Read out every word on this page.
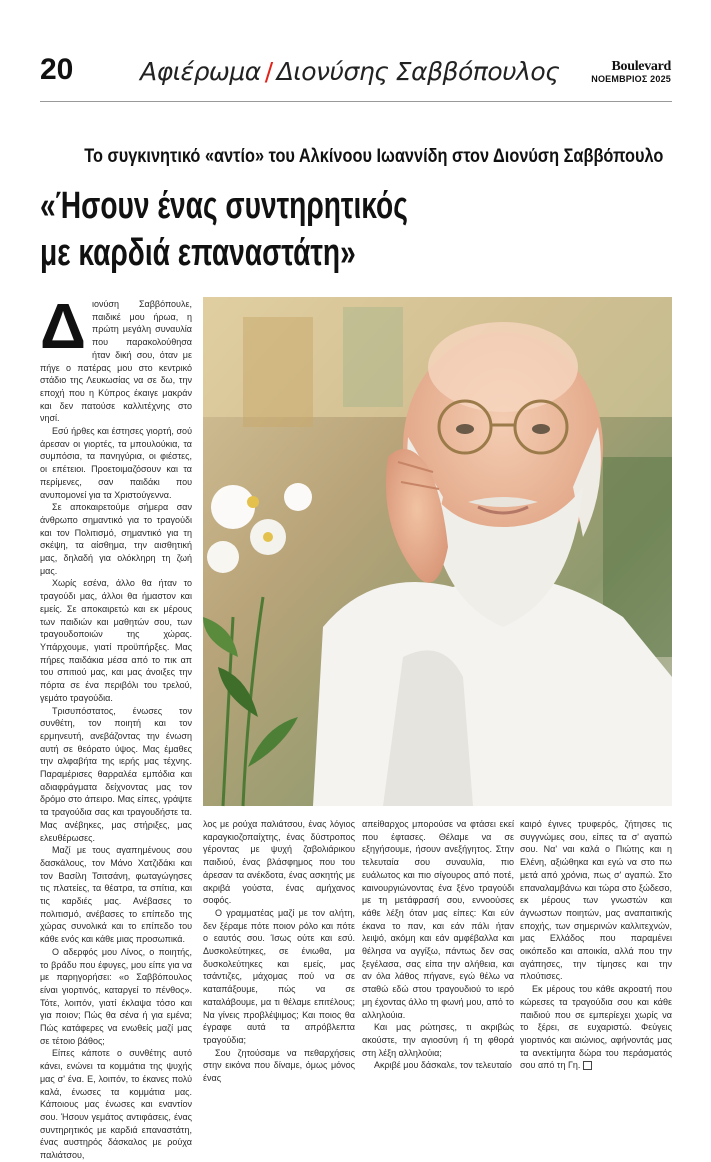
20	Αφιέρωμα / Διονύσης Σαββόπουλος	Boulevard
ΝΟΕΜΒΡΙΟΣ 2025
Το συγκινητικό «αντίο» του Αλκίνοου Ιωαννίδη στον Διονύση Σαββόπουλο
«Ήσουν ένας συντηρητικός
με καρδιά επαναστάτη»

Διονύση Σαββόπουλε, παιδικέ μου ήρωα, η πρώτη μεγάλη συναυλία που παρακολούθησα ήταν δική σου, όταν με πήγε ο πατέρας μου στο κεντρικό στάδιο της Λευκωσίας να σε δω, την εποχή που η Κύπρος έκαιγε μακράν και δεν πατούσε καλλιτέχνης στο νησί.

Εσύ ήρθες και έστησες γιορτή, σού άρεσαν οι γιορτές, τα μπουλούκια, τα συμπόσια, τα πανηγύρια, οι φιέστες, οι επέτειοι. Προετοιμαζόσουν και τα περίμενες, σαν παιδάκι που ανυπομονεί για τα Χριστούγεννα.

Σε αποκαιρετούμε σήμερα σαν άνθρωπο σημαντικό για το τραγούδι και τον Πολιτισμό, σημαντικό για τη σκέψη, τα αίσθημα, την αισθητική μας, δηλαδή για ολόκληρη τη ζωή μας.

Χωρίς εσένα, άλλο θα ήταν το τραγούδι μας, άλλοι θα ήμαστον και εμείς. Σε αποκαιρετώ και εκ μέρους των παιδιών και μαθητών σου, των τραγουδοποιών της χώρας. Υπάρχουμε, γιατί προϋπήρξες. Μας πήρες παιδάκια μέσα από το πικ απ του σπιτιού μας, και μας άνοιξες την πόρτα σε ένα περιβόλι του τρελού, γεμάτο τραγούδια.

Τρισυπόστατος, ένωσες τον συνθέτη, τον ποιητή και τον ερμηνευτή, ανεβάζοντας την ένωση αυτή σε θεόρατο ύψος. Μας έμαθες την αλφαβήτα της ιερής μας τέχνης. Παραμέρισες θαρραλέα εμπόδια και αδιαφράγματα δείχνοντας μας τον δρόμο στο άπειρο. Μας είπες, γράψτε τα τραγούδια σας και τραγουδήστε τα. Μας ανέβηκες, μας στήριξες, μας ελευθέρωσες.

Μαζί με τους αγαπημένους σου δασκάλους, τον Μάνο Χατζιδάκι και τον Βασίλη Τσιτσάνη, φωταγώγησες τις πλατείες, τα θέατρα, τα σπίτια, και τις καρδιές μας. Ανέβασες το πολιτισμό, ανέβασες το επίπεδο της χώρας συνολικά και το επίπεδο του κάθε ενός και κάθε μιας προσωπικά.

Ο αδερφός μου Λίνος, ο ποιητής, το βράδυ που έφυγες, μου είπε για να με παρηγορήσει: «ο Σαββόπουλος είναι γιορτινός, καταργεί το πένθος». Τότε, λοιπόν, γιατί έκλαψα τόσο και για ποιον; Πώς θα σένα ή για εμένα; Πώς κατάφερες να ενωθείς μαζί μας σε τέτοιο βάθος;

Είπες κάποτε ο συνθέτης αυτό κάνει, ενώνει τα κομμάτια της ψυχής μας σ' ένα. Ε, λοιπόν, το έκανες πολύ καλά, ένωσες τα κομμάτια μας. Κάποιους μας ένωσες και εναντίον σου. Ήσουν γεμάτος αντιφάσεις, ένας συντηρητικός με καρδιά επαναστάτη, ένας αυστηρός δάσκαλος με ρούχα παλιάτσου,

λος με ρούχα παλιάτσου, ένας λόγιος καραγκιοζοπαίχτης, ένας δύστροπος γέροντας με ψυχή ζαβολιάρικου παιδιού, ένας βλάσφημος που του άρεσαν τα ανέκδοτα, ένας ασκητής με ακριβά γούστα, ένας αμήχανος σοφός.

Ο γραμματέας μαζί με τον αλήτη, δεν ξέραμε πότε ποιον ρόλο και πότε ο εαυτός σου. Ίσως ούτε και εσύ. Δυσκολεύτηκες, σε ένιωθα, μα δυσκολεύτηκες και εμείς, μας τσάντιζες, μάχομας πού να σε καταπάξουμε, πώς να σε καταλάβουμε, μα τι θέλαμε επιτέλους; Να γίνεις προβλέψιμος; Και ποιος θα έγραφε αυτά τα απρόβλεπτα τραγούδια;

Σου ζητούσαμε να πεθαρχήσεις στην εικόνα που δίναμε, όμως μόνος ένας

απείθαρχος μπορούσε να φτάσει εκεί που έφτασες. Θέλαμε να σε εξηγήσουμε, ήσουν ανεξήγητος. Στην τελευταία σου συναυλία, πιο ευάλωτος και πιο σίγουρος από ποτέ, καινουργιώνοντας ένα ξένο τραγούδι με τη μετάφρασή σου, εννοούσες κάθε λέξη όταν μας είπες: Και εύν έκανα το παν, και εάν πάλι ήταν λειψό, ακόμη και εάν αμφέβαλλα και θέλησα να αγγίξω, πάντως δεν σας ξεγέλασα, σας είπα την αλήθεια, και αν όλα λάθος πήγανε, εγώ θέλω να σταθώ εδώ στου τραγουδιού το ιερό μη έχοντας άλλο τη φωνή μου, από το αλληλούια.

Και μας ρώτησες, τι ακριβώς ακούστε, την αγιοσύνη ή τη φθορά στη λέξη αλληλούια;

Ακριβέ μου δάσκαλε, τον τελευταίο

καιρό έγινες τρυφερός, ζήτησες τις συγγνώμες σου, είπες τα σ' αγαπώ σου. Να' ναι καλά ο Πιώτης και η Ελένη, αξιώθηκα και εγώ να στο πω μετά από χρόνια, πως σ' αγαπώ. Στο επαναλαμβάνω και τώρα στο ξώδεσο, εκ μέρους των γνωστών και άγνωστων ποιητών, μας αναπαιτικής εποχής, των σημερινών καλλιτεχνών, μας Ελλάδος που παραμένει οικόπεδο και αποικία, αλλά που την αγάπησες, την τίμησες και την πλούτισες.

Εκ μέρους του κάθε ακροατή που κώρεσες τα τραγούδια σου και κάθε παιδιού που σε εμπερίεχει χωρίς να το ξέρει, σε ευχαριστώ. Φεύγεις γιορτινός και αιώνιος, αφήνοντάς μας τα ανεκτίμητα δώρα του περάσματός σου από τη Γη.
